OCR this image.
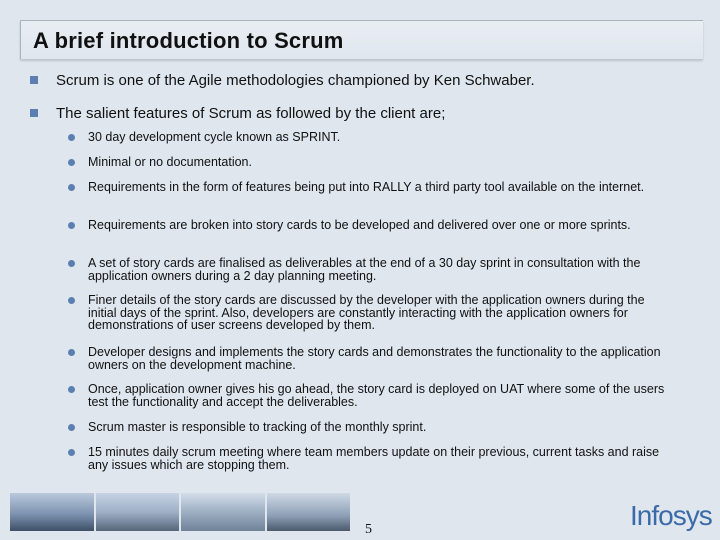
A brief introduction to Scrum
Scrum is one of the Agile methodologies championed by Ken Schwaber.
The salient features of Scrum as followed by the client are;
30 day development cycle known as SPRINT.
Minimal or no documentation.
Requirements in the form of features being put into RALLY a third party tool available on the internet.
Requirements are broken into story cards to be developed and delivered over one or more sprints.
A set of story cards are finalised as deliverables at the end of a 30 day sprint in consultation with the application owners during a 2 day planning meeting.
Finer details of the story cards are discussed by the developer with the application owners during the initial days of the sprint. Also, developers are constantly interacting with the application owners for demonstrations of user screens developed by them.
Developer designs and implements the story cards and demonstrates the functionality to the application owners on the development machine.
Once, application owner gives his go ahead, the story card is deployed on UAT where some of the users test the functionality and accept the deliverables.
Scrum master is responsible to tracking of the monthly sprint.
15 minutes daily scrum meeting where team members update on their previous, current tasks and raise any issues which are stopping them.
5	Infosys
